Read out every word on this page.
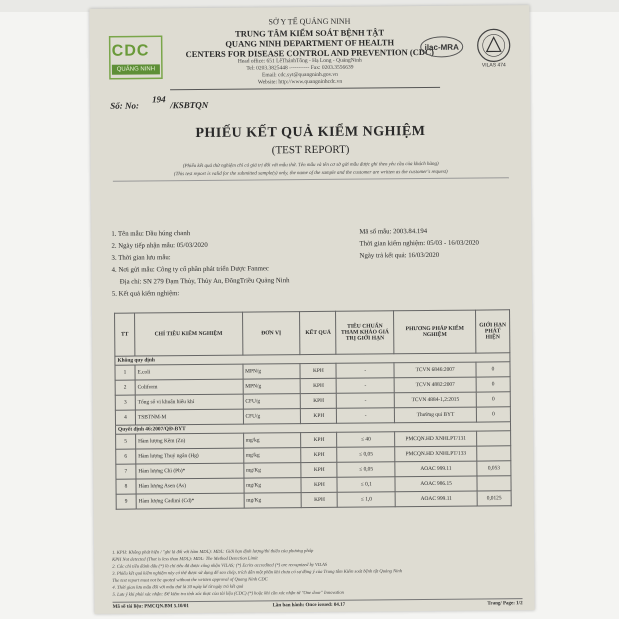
CDC
QUẢNG NINH
SỞ Y TẾ QUẢNG NINH
TRUNG TÂM KIỂM SOÁT BỆNH TẬT
QUANG NINH DEPARTMENT OF HEALTH
CENTERS FOR DISEASE CONTROL AND PREVENTION (CDC)
Head office: 651 LêThánhTông - Hạ Long - QuảngNinh
Tel: 0203.3825448 ----------- Fax: 0203.3556639
Email: cdc.syt@quangninh.gov.vn
Website: http://www.quangninhcdc.vn
ilac-MRA
VILAS 474
194
Số: No:	/KSBTQN
PHIẾU KẾT QUẢ KIỂM NGHIỆM
(TEST REPORT)
(Phiếu kết quả thử nghiệm chỉ có giá trị đối với mẫu thử. Tên mẫu và tên cơ sở gửi mẫu được ghi theo yêu cầu của khách hàng)
(This test report is valid for the submitted sample(s) only, the name of the sample and the customer are written as the customer's request)
1. Tên mẫu: Dầu húng chanh
2. Ngày tiếp nhận mẫu: 05/03/2020
3. Thời gian lưu mẫu:
4. Nơi gửi mẫu: Công ty cổ phần phát triển Dược Fanmec
Địa chỉ: SN 279 Đạm Thủy, Thủy An, ĐôngTriều Quảng Ninh
5. Kết quả kiểm nghiệm:
Mã số mẫu: 2003.84.194
Thời gian kiểm nghiệm: 05/03 - 16/03/2020
Ngày trả kết quả: 16/03/2020
TT	CHỈ TIÊU KIỂM NGHIỆM	ĐƠN VỊ	KẾT QUẢ	TIÊU CHUẨN THAM KHẢO GIÁ TRỊ GIỚI HẠN	PHƯƠNG PHÁP KIỂM NGHIỆM	GIỚI HẠN PHÁT HIỆN
Không quy định						
1	E.coli	MPN/g	KPH	-	TCVN 6846:2007	0
2	Coliform	MPN/g	KPH	-	TCVN 4882:2007	0
3	Tổng số vi khuẩn hiếu khí	CFU/g	KPH	-	TCVN 4884-1,2:2015	0
4	TSBTNM-M	CFU/g	KPH	-	Thường qui BYT	0
Quyết định 46:2007/QĐ-BYT						
5	Hàm lượng Kẽm (Zn)	mg/kg	KPH	≤ 40	PMCQN.HD XNHLPT/131	
6	Hàm lượng Thuỷ ngân (Hg)	mg/kg	KPH	≤ 0,05	PMCQN.HD XNHLPT/133	
7	Hàm lượng Chì (Pb)*	mg/Kg	KPH	≤ 0,05	AOAC 999.11	0,053
8	Hàm lượng Asen (As)	mg/Kg	KPH	≤ 0,1	AOAC 986.15	
9	Hàm lượng Cadimi (Cd)*	mg/Kg	KPH	≤ 1,0	AOAC 999.11	0,0125
1. KPH: Không phát hiện / "ghi là đối với hàm MDL): MDL: Giới hạn định lượng/thi thiếu của phương pháp
KPH Not detected (That is less than MDL): MDL: The Method Detection Limit
2. Các chỉ tiêu đánh dấu (*) là chỉ tiêu đã được công nhận VILAS; (*) Ecrits accredited (*) are recognized by VILAS
3. Phiếu kết quả kiểm nghiệm này có thể được sử dụng để sao chép, trích dẫn một phần khi chưa có sự đồng ý của Trung tâm Kiểm soát bệnh tật Quảng Ninh
The test report must not be quoted without the written approval of Quang Ninh CDC
4. Thời gian lưu mẫu đối với mẫu thử là 30 ngày kể từ ngày trả kết quả
5. Lưu ý khi phải xác nhận: Để kiểm tra tính xác thực của tài liệu (CDC) (*) hoặc khi cần xác nhận từ "One door" Innovation
Mã số tài liệu: PMCQN.BM 5.10/01	Lần ban hành: Once issued: 04.17	Trang/ Page: 1/2
